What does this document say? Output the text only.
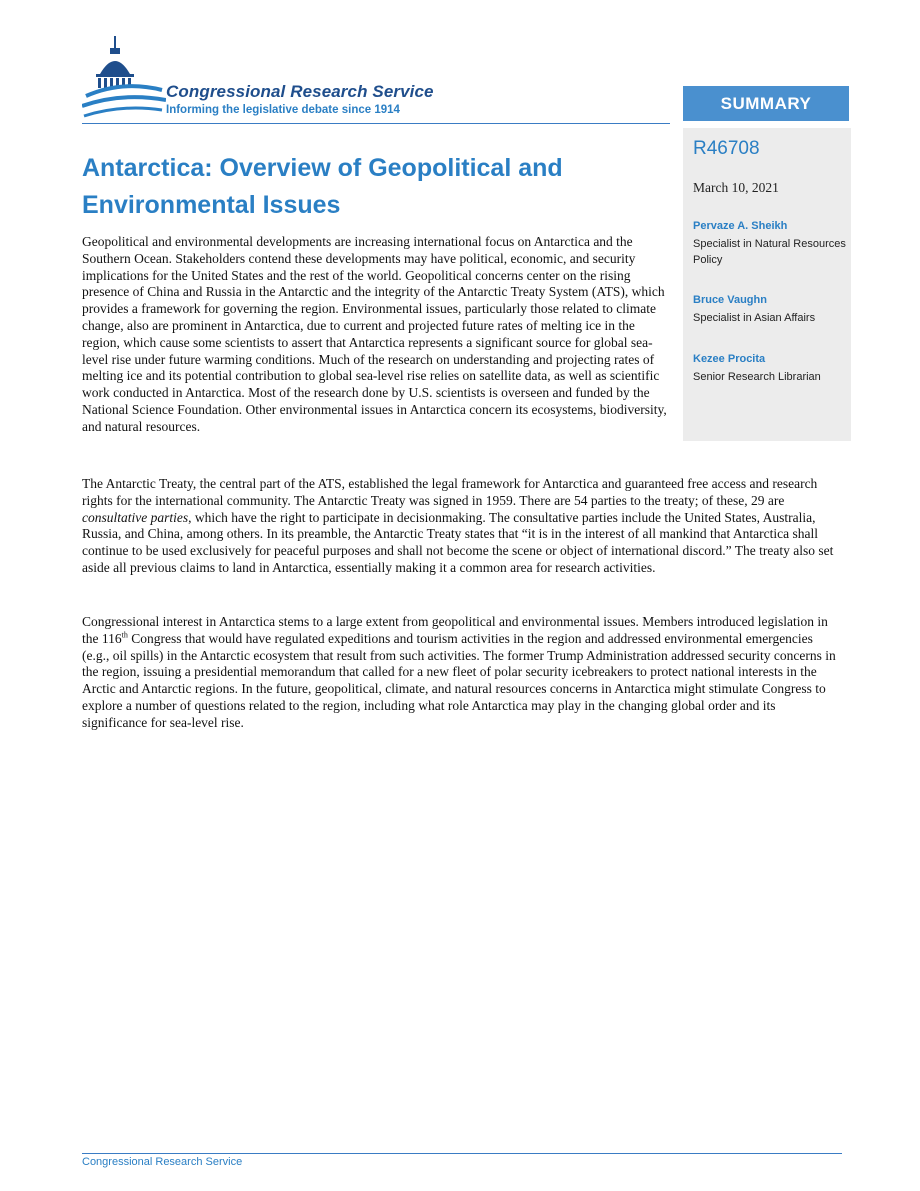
Congressional Research Service

Informing the legislative debate since 1914	SUMMARY

R46708

March 10, 2021

Pervaze A. Sheikh

Specialist in Natural Resources Policy

Bruce Vaughn

Specialist in Asian Affairs

Kezee Procita

Senior Research Librarian

Antarctica: Overview of Geopolitical and Environmental Issues

Geopolitical and environmental developments are increasing international focus on Antarctica and the Southern Ocean. Stakeholders contend these developments may have political, economic, and security implications for the United States and the rest of the world. Geopolitical concerns center on the rising presence of China and Russia in the Antarctic and the integrity of the Antarctic Treaty System (ATS), which provides a framework for governing the region. Environmental issues, particularly those related to climate change, also are prominent in Antarctica, due to current and projected future rates of melting ice in the region, which cause some scientists to assert that Antarctica represents a significant source for global sea-level rise under future warming conditions. Much of the research on understanding and projecting rates of melting ice and its potential contribution to global sea-level rise relies on satellite data, as well as scientific work conducted in Antarctica. Most of the research done by U.S. scientists is overseen and funded by the National Science Foundation. Other environmental issues in Antarctica concern its ecosystems, biodiversity, and natural resources.

The Antarctic Treaty, the central part of the ATS, established the legal framework for Antarctica and guaranteed free access and research rights for the international community. The Antarctic Treaty was signed in 1959. There are 54 parties to the treaty; of these, 29 are consultative parties, which have the right to participate in decisionmaking. The consultative parties include the United States, Australia, Russia, and China, among others. In its preamble, the Antarctic Treaty states that “it is in the interest of all mankind that Antarctica shall continue to be used exclusively for peaceful purposes and shall not become the scene or object of international discord.” The treaty also set aside all previous claims to land in Antarctica, essentially making it a common area for research activities.

Congressional interest in Antarctica stems to a large extent from geopolitical and environmental issues. Members introduced legislation in the 116th Congress that would have regulated expeditions and tourism activities in the region and addressed environmental emergencies (e.g., oil spills) in the Antarctic ecosystem that result from such activities. The former Trump Administration addressed security concerns in the region, issuing a presidential memorandum that called for a new fleet of polar security icebreakers to protect national interests in the Arctic and Antarctic regions. In the future, geopolitical, climate, and natural resources concerns in Antarctica might stimulate Congress to explore a number of questions related to the region, including what role Antarctica may play in the changing global order and its significance for sea-level rise.

Congressional Research Service
